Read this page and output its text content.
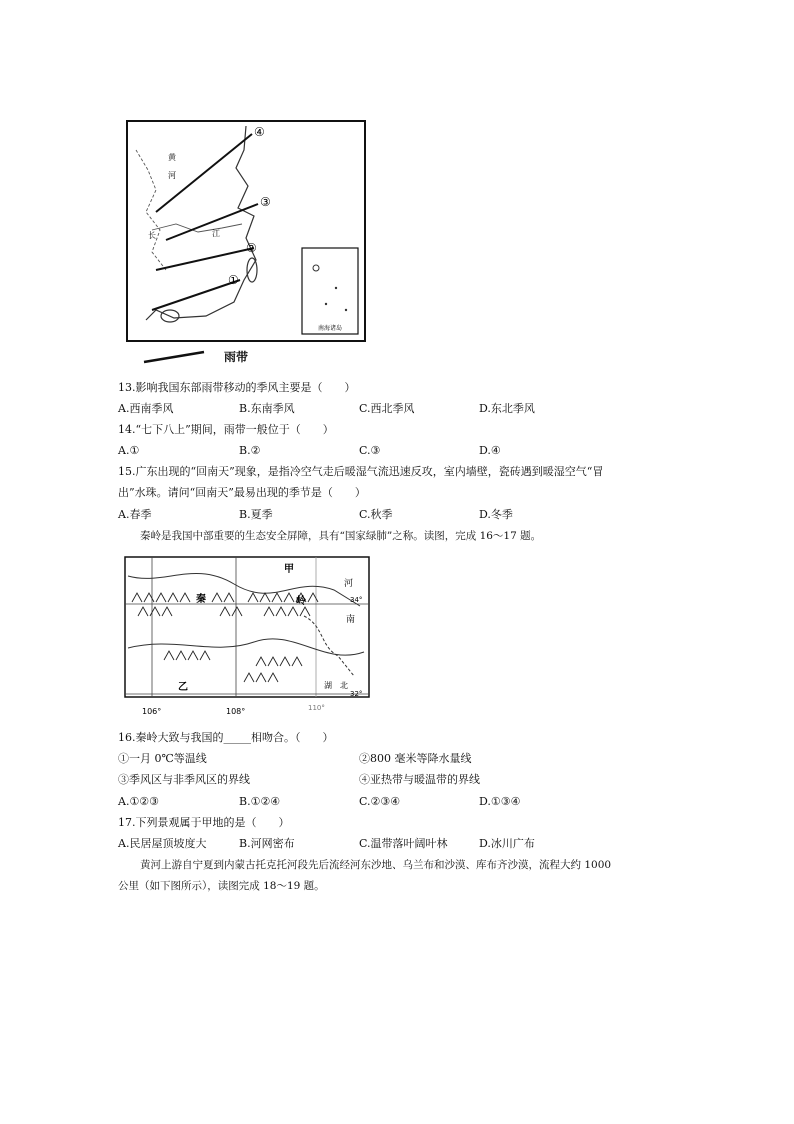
④
③
②
①
黄
河
长	江
南海诸岛
雨带
13.影响我国东部雨带移动的季风主要是（　　）
A.西南季风	B.东南季风	C.西北季风	D.东北季风
14.“七下八上”期间，雨带一般位于（　　）
A.①	B.②	C.③	D.④
15.广东出现的“回南天”现象，是指冷空气走后暖湿气流迅速反攻，室内墙壁，瓷砖遇到暖湿空气“冒
出”水珠。请问“回南天”最易出现的季节是（　　）
A.春季	B.夏季	C.秋季	D.冬季
秦岭是我国中部重要的生态安全屏障，具有“国家绿肺”之称。读图，完成 16～17 题。
甲
乙
秦	岭
河
南
湖 北
34°
32°
106°	108°	110°
16.秦岭大致与我国的_____相吻合。（　　）
①一月 0℃等温线	②800 毫米等降水量线
③季风区与非季风区的界线	④亚热带与暖温带的界线
A.①②③	B.①②④	C.②③④	D.①③④
17.下列景观属于甲地的是（　　）
A.民居屋顶坡度大	B.河网密布	C.温带落叶阔叶林	D.冰川广布
黄河上游自宁夏到内蒙古托克托河段先后流经河东沙地、乌兰布和沙漠、库布齐沙漠，流程大约 1000
公里（如下图所示），读图完成 18～19 题。
